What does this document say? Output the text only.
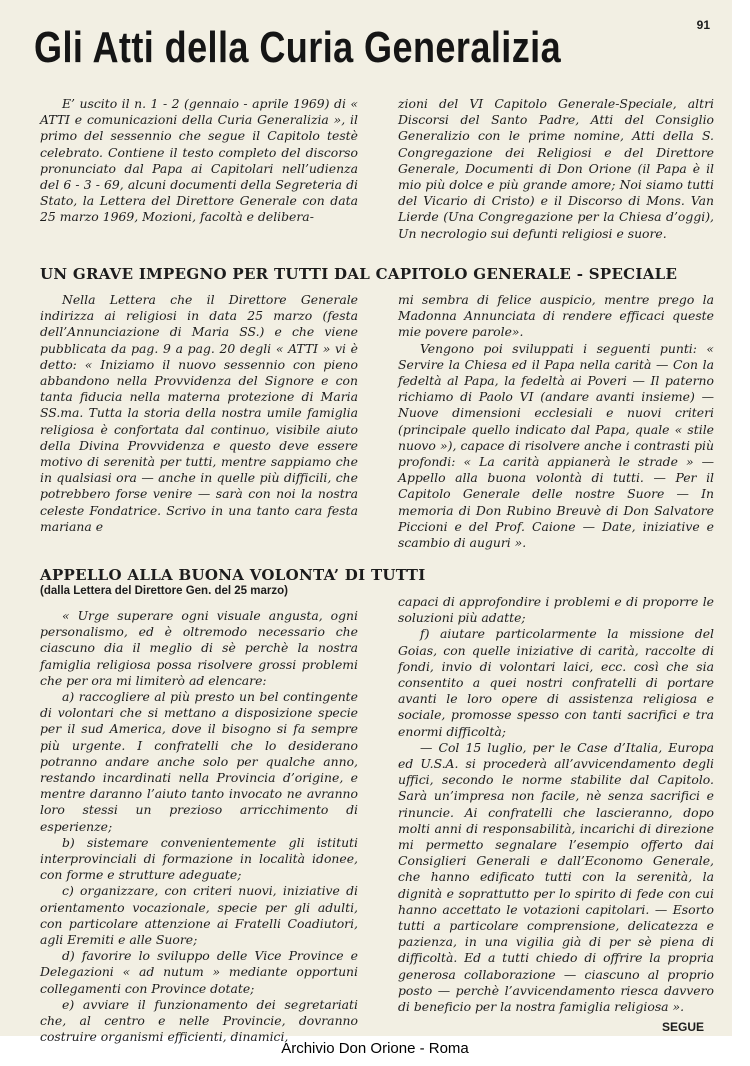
91
Gli Atti della Curia Generalizia

E’ uscito il n. 1 - 2 (gennaio - aprile 1969) di « ATTI e comunicazioni della Curia Generalizia », il primo del sessennio che segue il Capitolo testè celebrato. Contiene il testo completo del discorso pronunciato dal Papa ai Capitolari nell’udienza del 6 - 3 - 69, alcuni documenti della Segreteria di Stato, la Lettera del Direttore Generale con data 25 marzo 1969, Mozioni, facoltà e delibera-

zioni del VI Capitolo Generale-Speciale, altri Discorsi del Santo Padre, Atti del Consiglio Generalizio con le prime nomine, Atti della S. Congregazione dei Religiosi e del Direttore Generale, Documenti di Don Orione (il Papa è il mio più dolce e più grande amore; Noi siamo tutti del Vicario di Cristo) e il Discorso di Mons. Van Lierde (Una Congregazione per la Chiesa d’oggi), Un necrologio sui defunti religiosi e suore.

UN GRAVE IMPEGNO PER TUTTI DAL CAPITOLO GENERALE - SPECIALE

Nella Lettera che il Direttore Generale indirizza ai religiosi in data 25 marzo (festa dell’Annunciazione di Maria SS.) e che viene pubblicata da pag. 9 a pag. 20 degli « ATTI » vi è detto: « Iniziamo il nuovo sessennio con pieno abbandono nella Provvidenza del Signore e con tanta fiducia nella materna protezione di Maria SS.ma. Tutta la storia della nostra umile famiglia religiosa è confortata dal continuo, visibile aiuto della Divina Provvidenza e questo deve essere motivo di serenità per tutti, mentre sappiamo che in qualsiasi ora — anche in quelle più difficili, che potrebbero forse venire — sarà con noi la nostra celeste Fondatrice. Scrivo in una tanto cara festa mariana e

mi sembra di felice auspicio, mentre prego la Madonna Annunciata di rendere efficaci queste mie povere parole».

Vengono poi sviluppati i seguenti punti: « Servire la Chiesa ed il Papa nella carità — Con la fedeltà al Papa, la fedeltà ai Poveri — Il paterno richiamo di Paolo VI (andare avanti insieme) — Nuove dimensioni ecclesiali e nuovi criteri (principale quello indicato dal Papa, quale « stile nuovo »), capace di risolvere anche i contrasti più profondi: « La carità appianerà le strade » — Appello alla buona volontà di tutti. — Per il Capitolo Generale delle nostre Suore — In memoria di Don Rubino Breuvè di Don Salvatore Piccioni e del Prof. Caione — Date, iniziative e scambio di auguri ».

APPELLO ALLA BUONA VOLONTA’ DI TUTTI
(dalla Lettera del Direttore Gen. del 25 marzo)

« Urge superare ogni visuale angusta, ogni personalismo, ed è oltremodo necessario che ciascuno dia il meglio di sè perchè la nostra famiglia religiosa possa risolvere grossi problemi che per ora mi limiterò ad elencare:

a) raccogliere al più presto un bel contingente di volontari che si mettano a disposizione specie per il sud America, dove il bisogno si fa sempre più urgente. I confratelli che lo desiderano potranno andare anche solo per qualche anno, restando incardinati nella Provincia d’origine, e mentre daranno l’aiuto tanto invocato ne avranno loro stessi un prezioso arricchimento di esperienze;

b) sistemare convenientemente gli istituti interprovinciali di formazione in località idonee, con forme e strutture adeguate;

c) organizzare, con criteri nuovi, iniziative di orientamento vocazionale, specie per gli adulti, con particolare attenzione ai Fratelli Coadiutori, agli Eremiti e alle Suore;

d) favorire lo sviluppo delle Vice Province e Delegazioni « ad nutum » mediante opportuni collegamenti con Province dotate;

e) avviare il funzionamento dei segretariati che, al centro e nelle Provincie, dovranno costruire organismi efficienti, dinamici,

capaci di approfondire i problemi e di proporre le soluzioni più adatte;

f) aiutare particolarmente la missione del Goias, con quelle iniziative di carità, raccolte di fondi, invio di volontari laici, ecc. così che sia consentito a quei nostri confratelli di portare avanti le loro opere di assistenza religiosa e sociale, promosse spesso con tanti sacrifici e tra enormi difficoltà;

— Col 15 luglio, per le Case d’Italia, Europa ed U.S.A. si procederà all’avvicendamento degli uffici, secondo le norme stabilite dal Capitolo. Sarà un’impresa non facile, nè senza sacrifici e rinuncie. Ai confratelli che lascieranno, dopo molti anni di responsabilità, incarichi di direzione mi permetto segnalare l’esempio offerto dai Consiglieri Generali e dall’Economo Generale, che hanno edificato tutti con la serenità, la dignità e soprattutto per lo spirito di fede con cui hanno accettato le votazioni capitolari. — Esorto tutti a particolare comprensione, delicatezza e pazienza, in una vigilia già di per sè piena di difficoltà. Ed a tutti chiedo di offrire la propria generosa collaborazione — ciascuno al proprio posto — perchè l’avvicendamento riesca davvero di beneficio per la nostra famiglia religiosa ».

SEGUE
Archivio Don Orione - Roma
